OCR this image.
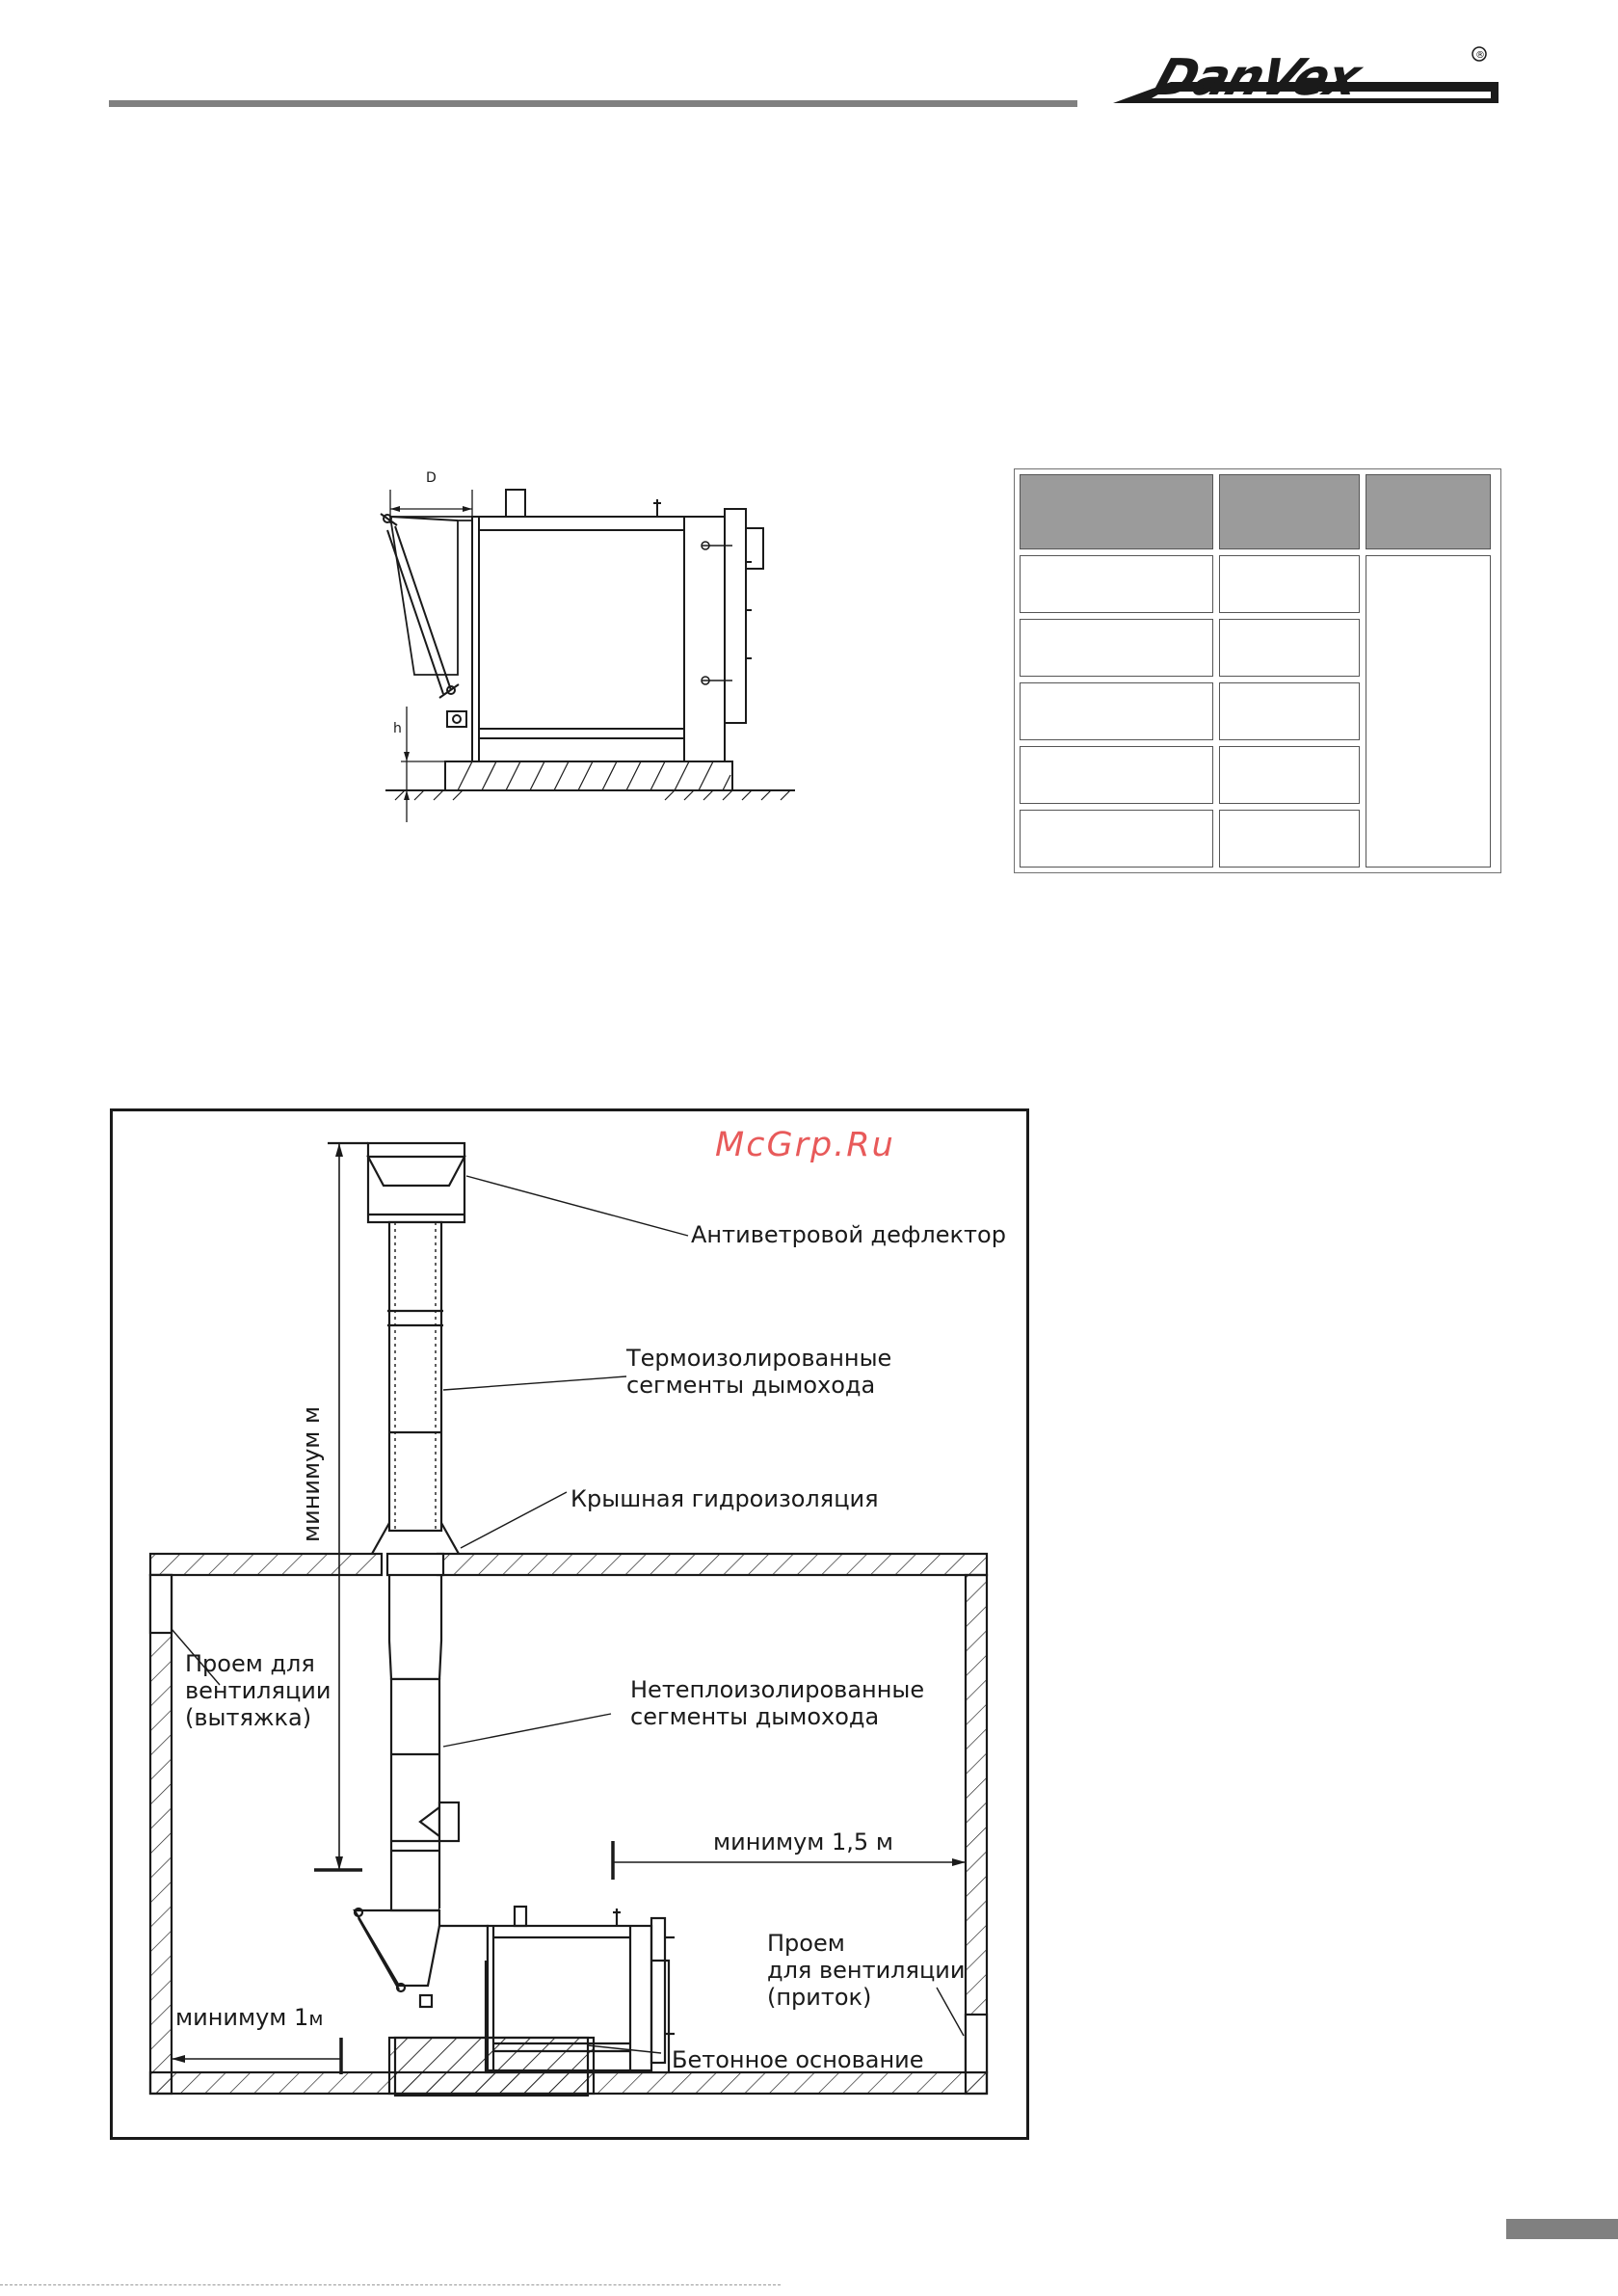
DanVex	®
D
h
McGrp.Ru
Антиветровой дефлектор
Термоизолированные
сегменты дымохода
Крышная гидроизоляция
Проем для
вентиляции
(вытяжка)
Нетеплоизолированные
сегменты дымохода
минимум 1,5 м
Проем
для вентиляции
(приток)
минимум 1м
Бетонное основание
минимум м
